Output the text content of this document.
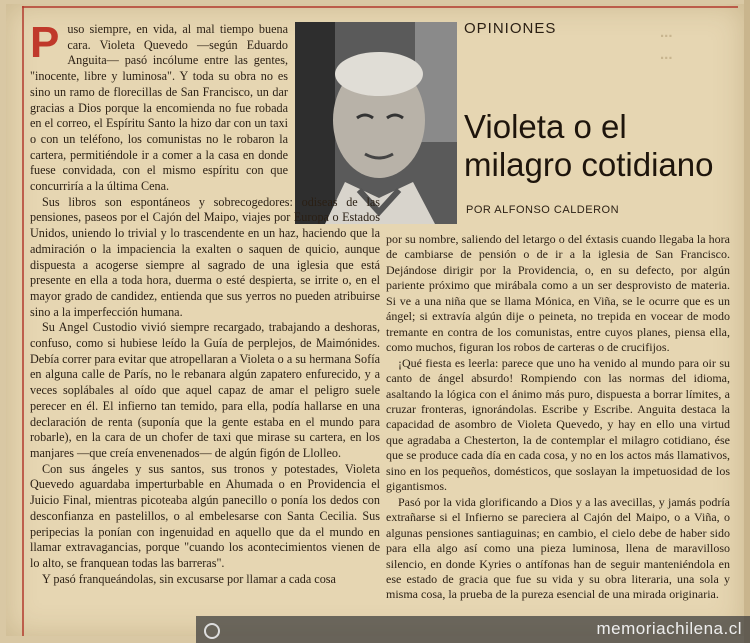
...
...
OPINIONES
Violeta o el milagro cotidiano
POR ALFONSO CALDERON

P uso siempre, en vida, al mal tiempo buena cara. Violeta Quevedo —según Eduardo Anguita— pasó incólume entre las gentes, "inocente, libre y luminosa". Y toda su obra no es sino un ramo de florecillas de San Francisco, un dar gracias a Dios porque la encomienda no fue robada en el correo, el Espíritu Santo la hizo dar con un taxi o con un teléfono, los comunistas no le robaron la cartera, permitiéndole ir a comer a la casa en donde fuese convidada, con el mismo espíritu con que concurriría a la última Cena.

Sus libros son espontáneos y sobrecogedores: odiseas de las pensiones, paseos por el Cajón del Maipo, viajes por Europa o Estados Unidos, uniendo lo trivial y lo trascendente en un haz, haciendo que la admiración o la impaciencia la exalten o saquen de quicio, aunque dispuesta a acogerse siempre al sagrado de una iglesia que está presente en ella a toda hora, duerma o esté despierta, se irrite o, en el mayor grado de candidez, entienda que sus yerros no pueden atribuirse sino a la imperfección humana.

Su Angel Custodio vivió siempre recargado, trabajando a deshoras, confuso, como si hubiese leído la Guía de perplejos, de Maimónides. Debía correr para evitar que atropellaran a Violeta o a su hermana Sofía en alguna calle de París, no le rebanara algún zapatero enfurecido, y a veces soplábales al oído que aquel capaz de amar el peligro suele perecer en él. El infierno tan temido, para ella, podía hallarse en una declaración de renta (suponía que la gente estaba en el mundo para robarle), en la cara de un chofer de taxi que mirase su cartera, en los manjares —que creía envenenados— de algún figón de Llolleo.

Con sus ángeles y sus santos, sus tronos y potestades, Violeta Quevedo aguardaba imperturbable en Ahumada o en Providencia el Juicio Final, mientras picoteaba algún panecillo o ponía los dedos con desconfianza en pastelillos, o al embelesarse con Santa Cecilia. Sus peripecias la ponían con ingenuidad en aquello que da el mundo en llamar extravagancias, porque "cuando los acontecimientos vienen de lo alto, se franquean todas las barreras".

Y pasó franqueándolas, sin excusarse por llamar a cada cosa

por su nombre, saliendo del letargo o del éxtasis cuando llegaba la hora de cambiarse de pensión o de ir a la iglesia de San Francisco. Dejándose dirigir por la Providencia, o, en su defecto, por algún pariente próximo que mirábala como a un ser desprovisto de materia. Si ve a una niña que se llama Mónica, en Viña, se le ocurre que es un ángel; si extravía algún dije o peineta, no trepida en vocear de modo tremante en contra de los comunistas, entre cuyos planes, piensa ella, como muchos, figuran los robos de carteras o de crucifijos.

¡Qué fiesta es leerla: parece que uno ha venido al mundo para oir su canto de ángel absurdo! Rompiendo con las normas del idioma, asaltando la lógica con el ánimo más puro, dispuesta a borrar límites, a cruzar fronteras, ignorándolas. Escribe y Escribe. Anguita destaca la capacidad de asombro de Violeta Quevedo, y hay en ello una virtud que agradaba a Chesterton, la de contemplar el milagro cotidiano, ése que se produce cada día en cada cosa, y no en los actos más llamativos, sino en los pequeños, domésticos, que soslayan la impetuosidad de los gigantismos.

Pasó por la vida glorificando a Dios y a las avecillas, y jamás podría extrañarse si el Infierno se pareciera al Cajón del Maipo, o a Viña, o algunas pensiones santiaguinas; en cambio, el cielo debe de haber sido para ella algo así como una pieza luminosa, llena de maravilloso silencio, en donde Kyries o antífonas han de seguir manteniéndola en ese estado de gracia que fue su vida y su obra literaria, una sola y misma cosa, la prueba de la pureza esencial de una mirada originaria.

memoriachilena.cl
